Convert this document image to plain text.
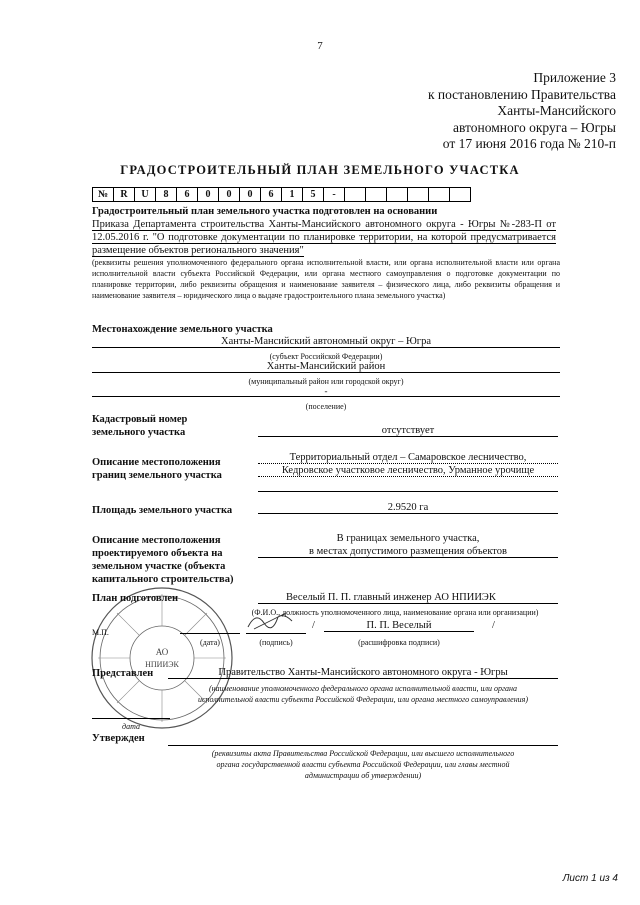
7
Приложение 3
к постановлению Правительства
Ханты-Мансийского
автономного округа – Югры
от 17 июня 2016 года № 210-п
ГРАДОСТРОИТЕЛЬНЫЙ ПЛАН ЗЕМЕЛЬНОГО УЧАСТКА
№	R	U	8	6	0	0	0	6	1	5	-						
Градостроительный план земельного участка подготовлен на основании
Приказа Департамента строительства Ханты-Мансийского автономного округа - Югры №-283-П от 12.05.2016 г. "О подготовке документации по планировке территории, на которой предусматривается размещение объектов регионального значения"
(реквизиты решения уполномоченного федерального органа исполнительной власти, или органа исполнительной власти или органа исполнительной власти субъекта Российской Федерации, или органа местного самоуправления о подготовке документации по планировке территории, либо реквизиты обращения и наименование заявителя – физического лица, либо реквизиты обращения и наименование заявителя – юридического лица о выдаче градостроительного плана земельного участка)
Местонахождение земельного участка
Ханты-Мансийский автономный округ – Югра
(субъект Российской Федерации)
Ханты-Мансийский район
(муниципальный район или городской округ)
-
(поселение)
Кадастровый номер
земельного участка	отсутствует
Описание местоположения
границ земельного участка
Территориальный отдел – Самаровское лесничество,
Кедровское участковое лесничество, Урманное урочище
Площадь земельного участка	2.9520 га
Описание местоположения
проектируемого объекта на
земельном участке (объекта
капитального строительства)
В границах земельного участка,
в местах допустимого размещения объектов
АО
НПИИЭК
План подготовлен	Веселый П. П. главный инженер АО НПИИЭК
(Ф.И.О., должность уполномоченного лица, наименование органа или организации)
М.П.
(дата)	(подпись)
/	П. П. Веселый	/
(расшифровка подписи)
Представлен	Правительство Ханты-Мансийского автономного округа - Югры
(наименование уполномоченного федерального органа исполнительной власти, или органа
исполнительной власти субъекта Российской Федерации, или органа местного самоуправления)
дата
Утвержден
(реквизиты акта Правительства Российской Федерации, или высшего исполнительного
органа государственной власти субъекта Российской Федерации, или главы местной
администрации об утверждении)
Лист 1 из 4
